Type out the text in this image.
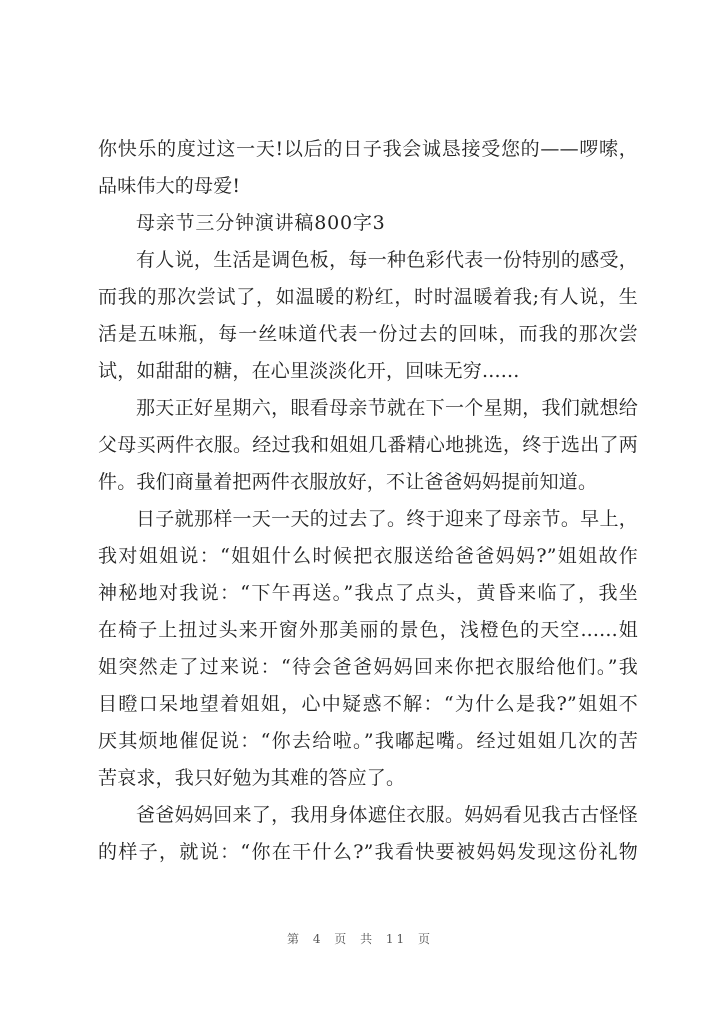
你快乐的度过这一天!以后的日子我会诚恳接受您的——啰嗦，
品味伟大的母爱!
母亲节三分钟演讲稿800字3
有人说，生活是调色板，每一种色彩代表一份特别的感受，
而我的那次尝试了，如温暖的粉红，时时温暖着我;有人说，生
活是五味瓶，每一丝味道代表一份过去的回味，而我的那次尝
试，如甜甜的糖，在心里淡淡化开，回味无穷......
那天正好星期六，眼看母亲节就在下一个星期，我们就想给
父母买两件衣服。经过我和姐姐几番精心地挑选，终于选出了两
件。我们商量着把两件衣服放好，不让爸爸妈妈提前知道。
日子就那样一天一天的过去了。终于迎来了母亲节。早上，
我对姐姐说：“姐姐什么时候把衣服送给爸爸妈妈?”姐姐故作
神秘地对我说：“下午再送。”我点了点头，黄昏来临了，我坐
在椅子上扭过头来开窗外那美丽的景色，浅橙色的天空......姐
姐突然走了过来说：“待会爸爸妈妈回来你把衣服给他们。”我
目瞪口呆地望着姐姐，心中疑惑不解：“为什么是我?”姐姐不
厌其烦地催促说：“你去给啦。”我嘟起嘴。经过姐姐几次的苦
苦哀求，我只好勉为其难的答应了。
爸爸妈妈回来了，我用身体遮住衣服。妈妈看见我古古怪怪
的样子，就说：“你在干什么?”我看快要被妈妈发现这份礼物
第 4 页 共 11 页
